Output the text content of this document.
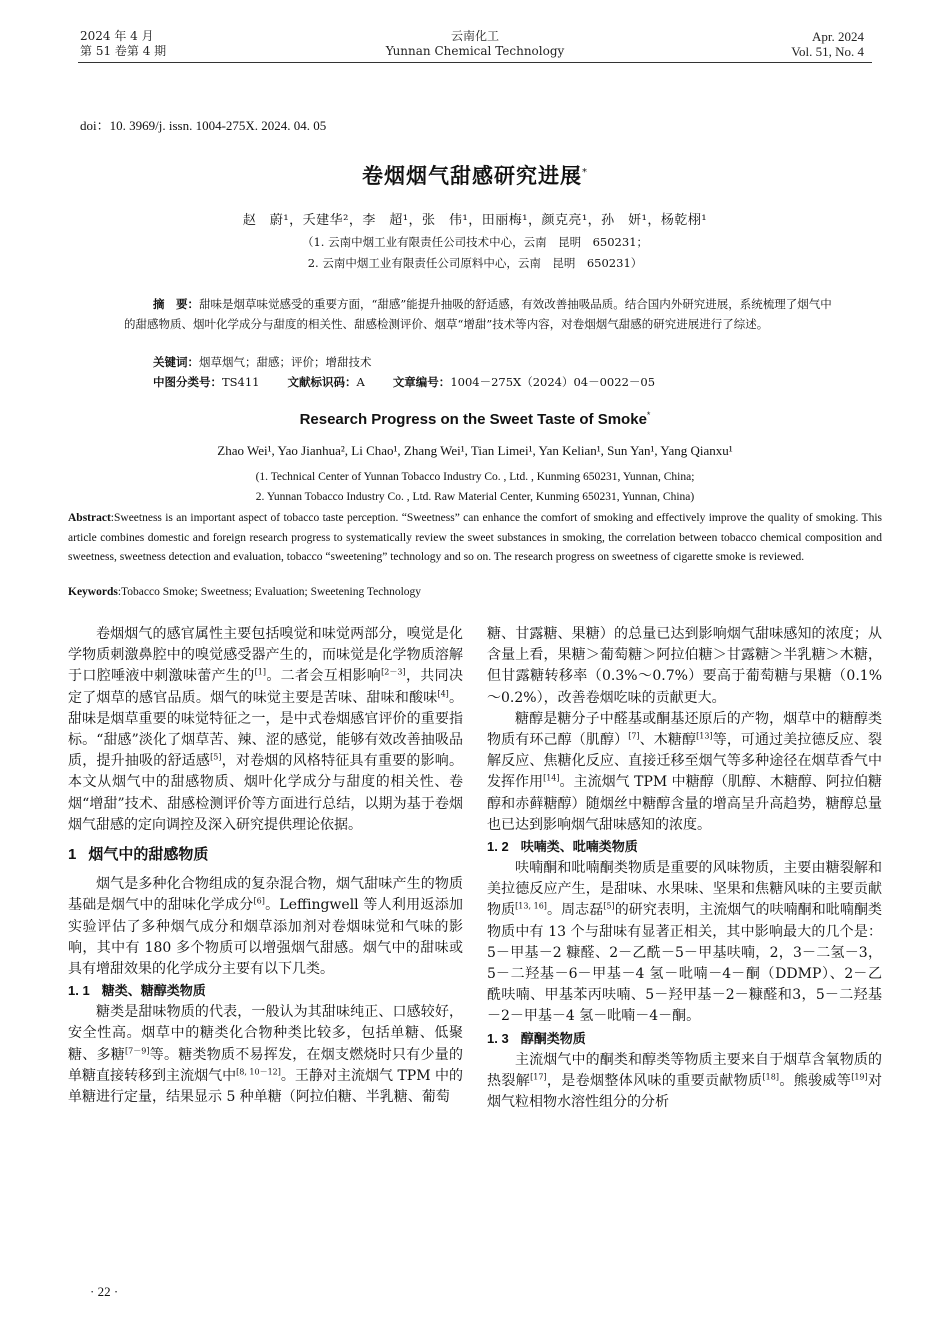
2024 年 4 月
第 51 卷第 4 期
云南化工
Yunnan Chemical Technology
Apr. 2024
Vol. 51, No. 4
doi：10. 3969/j. issn. 1004-275X. 2024. 04. 05
卷烟烟气甜感研究进展*
赵　蔚¹，夭建华²，李　超¹，张　伟¹，田丽梅¹，颜克亮¹，孙　妍¹，杨乾栩¹
（1. 云南中烟工业有限责任公司技术中心，云南　昆明　650231；
2. 云南中烟工业有限责任公司原料中心，云南　昆明　650231）
摘　要：甜味是烟草味觉感受的重要方面，“甜感”能提升抽吸的舒适感，有效改善抽吸品质。结合国内外研究进展，系统梳理了烟气中的甜感物质、烟叶化学成分与甜度的相关性、甜感检测评价、烟草“增甜”技术等内容，对卷烟烟气甜感的研究进展进行了综述。
关键词：烟草烟气；甜感；评价；增甜技术
中图分类号：TS411 文献标识码：A 文章编号：1004－275X（2024）04－0022－05
Research Progress on the Sweet Taste of Smoke*
Zhao Wei¹, Yao Jianhua², Li Chao¹, Zhang Wei¹, Tian Limei¹, Yan Kelian¹, Sun Yan¹, Yang Qianxu¹
(1. Technical Center of Yunnan Tobacco Industry Co. , Ltd. , Kunming 650231, Yunnan, China;
2. Yunnan Tobacco Industry Co. , Ltd. Raw Material Center, Kunming 650231, Yunnan, China)
Abstract:Sweetness is an important aspect of tobacco taste perception. “Sweetness” can enhance the comfort of smoking and effectively improve the quality of smoking. This article combines domestic and foreign research progress to systematically review the sweet substances in smoking, the correlation between tobacco chemical composition and sweetness, sweetness detection and evaluation, tobacco “sweetening” technology and so on. The research progress on sweetness of cigarette smoke is reviewed.
Keywords:Tobacco Smoke; Sweetness; Evaluation; Sweetening Technology

卷烟烟气的感官属性主要包括嗅觉和味觉两部分，嗅觉是化学物质刺激鼻腔中的嗅觉感受器产生的，而味觉是化学物质溶解于口腔唾液中刺激味蕾产生的[1]。二者会互相影响[2－3]，共同决定了烟草的感官品质。烟气的味觉主要是苦味、甜味和酸味[4]。甜味是烟草重要的味觉特征之一，是中式卷烟感官评价的重要指标。“甜感”淡化了烟草苦、辣、涩的感觉，能够有效改善抽吸品质，提升抽吸的舒适感[5]，对卷烟的风格特征具有重要的影响。本文从烟气中的甜感物质、烟叶化学成分与甜度的相关性、卷烟“增甜”技术、甜感检测评价等方面进行总结，以期为基于卷烟烟气甜感的定向调控及深入研究提供理论依据。

1 烟气中的甜感物质

烟气是多种化合物组成的复杂混合物，烟气甜味产生的物质基础是烟气中的甜味化学成分[6]。Leffingwell 等人利用返添加实验评估了多种烟气成分和烟草添加剂对卷烟味觉和气味的影响，其中有 180 多个物质可以增强烟气甜感。烟气中的甜味或具有增甜效果的化学成分主要有以下几类。

1. 1 糖类、糖醇类物质

糖类是甜味物质的代表，一般认为其甜味纯正、口感较好，安全性高。烟草中的糖类化合物种类比较多，包括单糖、低聚糖、多糖[7－9]等。糖类物质不易挥发，在烟支燃烧时只有少量的单糖直接转移到主流烟气中[8, 10－12]。王静对主流烟气 TPM 中的单糖进行定量，结果显示 5 种单糖（阿拉伯糖、半乳糖、葡萄

糖、甘露糖、果糖）的总量已达到影响烟气甜味感知的浓度；从含量上看，果糖＞葡萄糖＞阿拉伯糖＞甘露糖＞半乳糖＞木糖，但甘露糖转移率（0.3%～0.7%）要高于葡萄糖与果糖（0.1%～0.2%），改善卷烟吃味的贡献更大。

糖醇是糖分子中醛基或酮基还原后的产物，烟草中的糖醇类物质有环己醇（肌醇）[7]、木糖醇[13]等，可通过美拉德反应、裂解反应、焦糖化反应、直接迁移至烟气等多种途径在烟草香气中发挥作用[14]。主流烟气 TPM 中糖醇（肌醇、木糖醇、阿拉伯糖醇和赤藓糖醇）随烟丝中糖醇含量的增高呈升高趋势，糖醇总量也已达到影响烟气甜味感知的浓度。

1. 2 呋喃类、吡喃类物质

呋喃酮和吡喃酮类物质是重要的风味物质，主要由糖裂解和美拉德反应产生，是甜味、水果味、坚果和焦糖风味的主要贡献物质[13, 16]。周志磊[5]的研究表明，主流烟气的呋喃酮和吡喃酮类物质中有 13 个与甜味有显著正相关，其中影响最大的几个是：5－甲基－2 糠醛、2－乙酰－5－甲基呋喃，2，3－二氢－3，5－二羟基－6－甲基－4 氢－吡喃－4－酮（DDMP）、2－乙酰呋喃、甲基苯丙呋喃、5－羟甲基－2－糠醛和3，5－二羟基－2－甲基－4 氢－吡喃－4－酮。

1. 3 醇酮类物质

主流烟气中的酮类和醇类等物质主要来自于烟草含氧物质的热裂解[17]，是卷烟整体风味的重要贡献物质[18]。熊骏威等[19]对烟气粒相物水溶性组分的分析

· 22 ·
